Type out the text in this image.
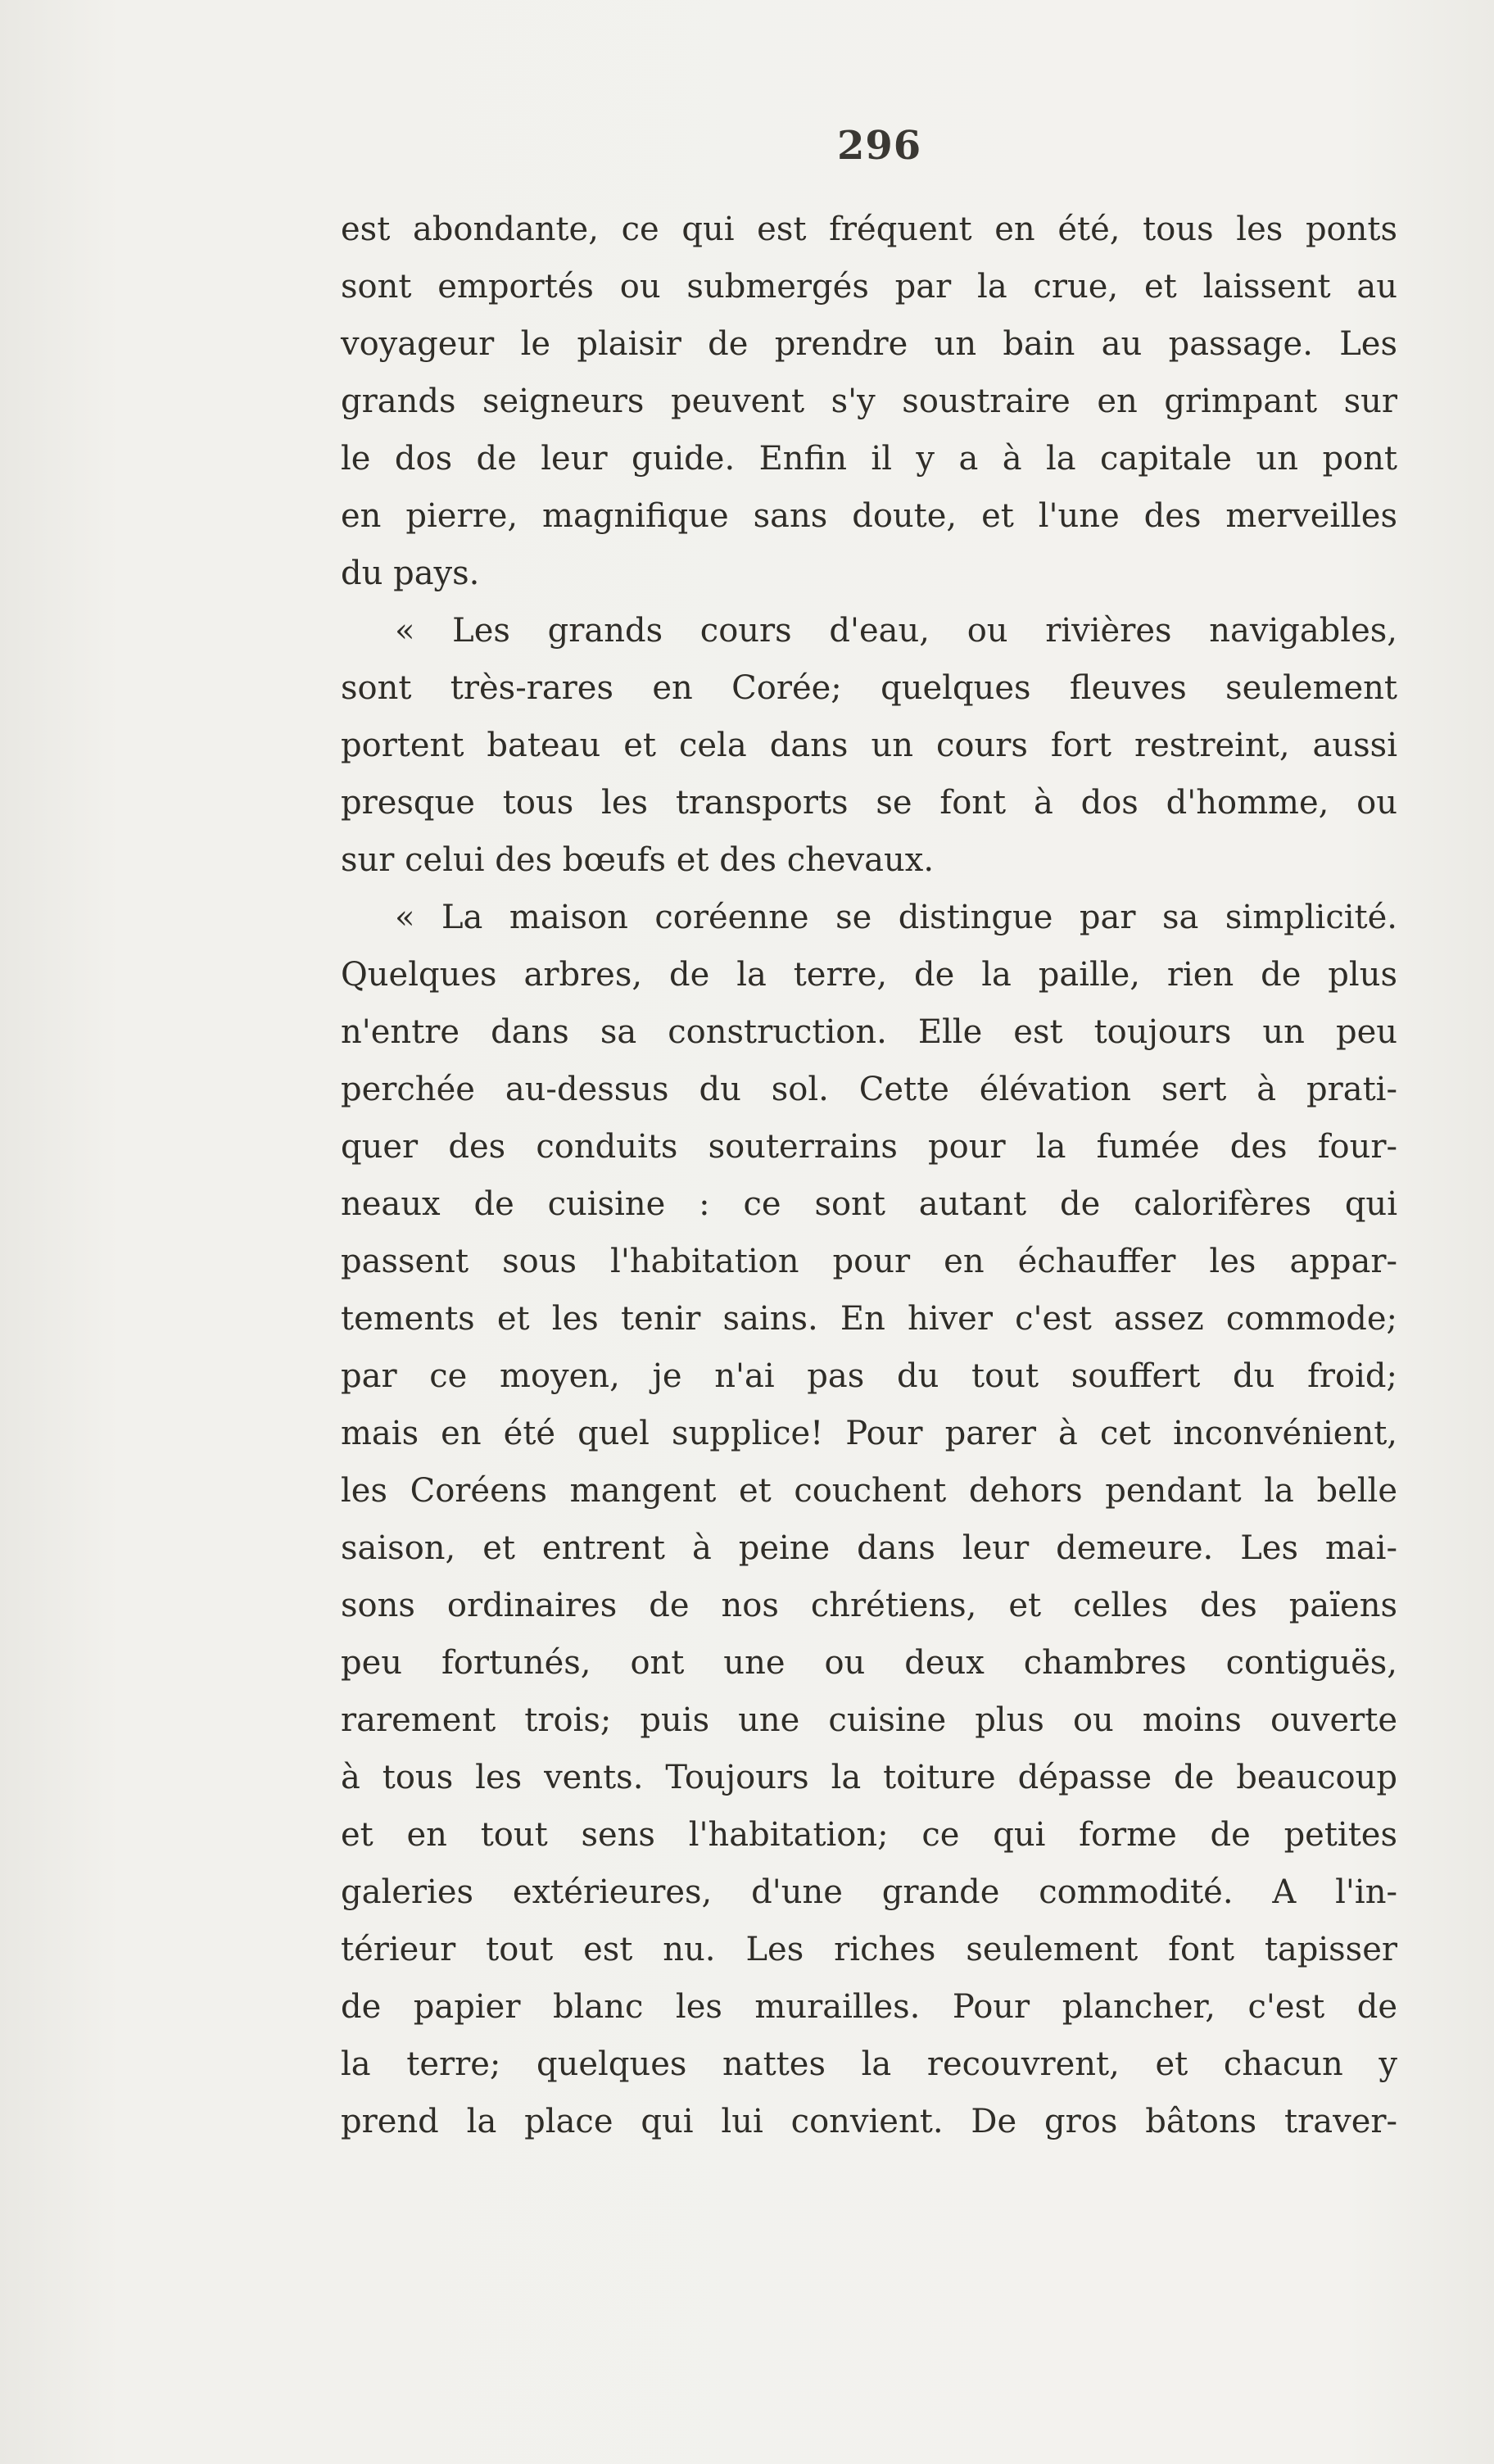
296
est abondante, ce qui est fréquent en été, tous les ponts
sont emportés ou submergés par la crue, et laissent au
voyageur le plaisir de prendre un bain au passage. Les
grands seigneurs peuvent s'y soustraire en grimpant sur
le dos de leur guide. Enfin il y a à la capitale un pont
en pierre, magnifique sans doute, et l'une des merveilles
du pays.
« Les grands cours d'eau, ou rivières navigables,
sont très-rares en Corée; quelques fleuves seulement
portent bateau et cela dans un cours fort restreint, aussi
presque tous les transports se font à dos d'homme, ou
sur celui des bœufs et des chevaux.
« La maison coréenne se distingue par sa simplicité.
Quelques arbres, de la terre, de la paille, rien de plus
n'entre dans sa construction. Elle est toujours un peu
perchée au-dessus du sol. Cette élévation sert à prati-
quer des conduits souterrains pour la fumée des four-
neaux de cuisine : ce sont autant de calorifères qui
passent sous l'habitation pour en échauffer les appar-
tements et les tenir sains. En hiver c'est assez commode;
par ce moyen, je n'ai pas du tout souffert du froid;
mais en été quel supplice! Pour parer à cet inconvénient,
les Coréens mangent et couchent dehors pendant la belle
saison, et entrent à peine dans leur demeure. Les mai-
sons ordinaires de nos chrétiens, et celles des païens
peu fortunés, ont une ou deux chambres contiguës,
rarement trois; puis une cuisine plus ou moins ouverte
à tous les vents. Toujours la toiture dépasse de beaucoup
et en tout sens l'habitation; ce qui forme de petites
galeries extérieures, d'une grande commodité. A l'in-
térieur tout est nu. Les riches seulement font tapisser
de papier blanc les murailles. Pour plancher, c'est de
la terre; quelques nattes la recouvrent, et chacun y
prend la place qui lui convient. De gros bâtons traver-
